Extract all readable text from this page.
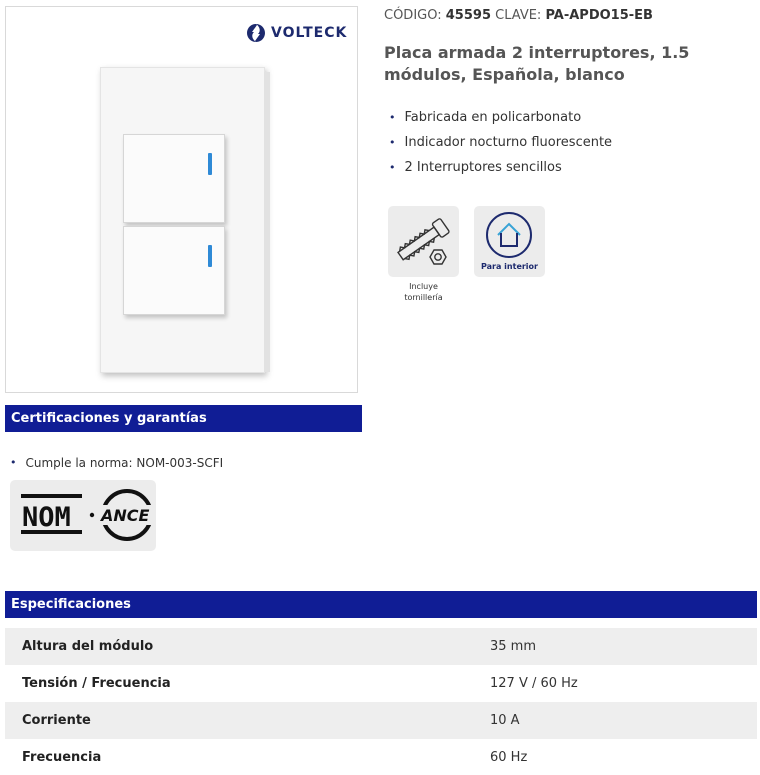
VOLTECK
CÓDIGO: 45595 CLAVE: PA-APDO15-EB
Placa armada 2 interruptores, 1.5 módulos, Española, blanco
• Fabricada en policarbonato
• Indicador nocturno fluorescente
• 2 Interruptores sencillos
Incluye
tornillería
Para interior
Certificaciones y garantías
• Cumple la norma: NOM-003-SCFI
NOM ANCE
Especificaciones
Altura del módulo	35 mm
Tensión / Frecuencia	127 V / 60 Hz
Corriente	10 A
Frecuencia	60 Hz
